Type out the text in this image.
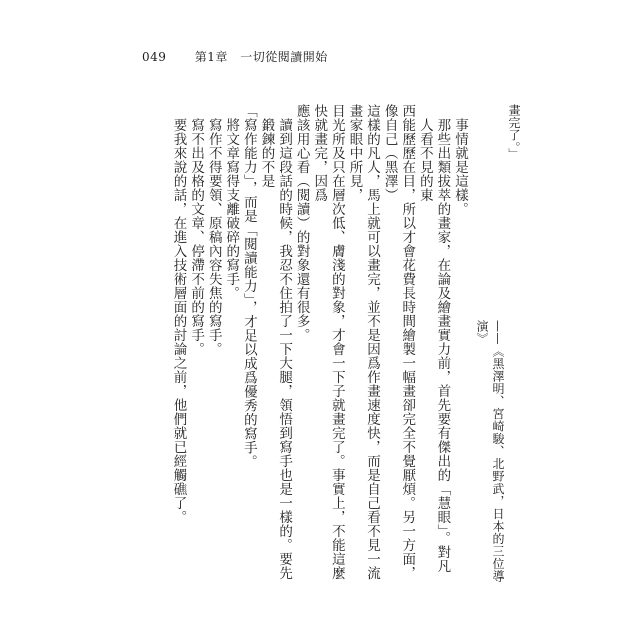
049 第1章 一切從閱讀開始
畫完了。」
——《黑澤明、宮崎駿、北野武，日本的三位導演》
事情就是這樣。
那些出類拔萃的畫家，在論及繪畫實力前，首先要有傑出的「慧眼」。對凡人看不見的東
西能歷歷在目，所以才會花費長時間繪製一幅畫卻完全不覺厭煩。另一方面，像自己（黑澤）
這樣的凡人，馬上就可以畫完，並不是因爲作畫速度快，而是自己看不見一流畫家眼中所見，
目光所及只在層次低、膚淺的對象，才會一下子就畫完了。事實上，不能這麼快就畫完，因爲
應該用心看（閱讀）的對象還有很多。
讀到這段話的時候，我忍不住拍了一下大腿，領悟到寫手也是一樣的。要先鍛鍊的不是
「寫作能力」，而是「閱讀能力」，才足以成爲優秀的寫手。
將文章寫得支離破碎的寫手。
寫作不得要領、原稿內容失焦的寫手。
寫不出及格的文章、停滯不前的寫手。
要我來說的話，在進入技術層面的討論之前，他們就已經觸礁了。
